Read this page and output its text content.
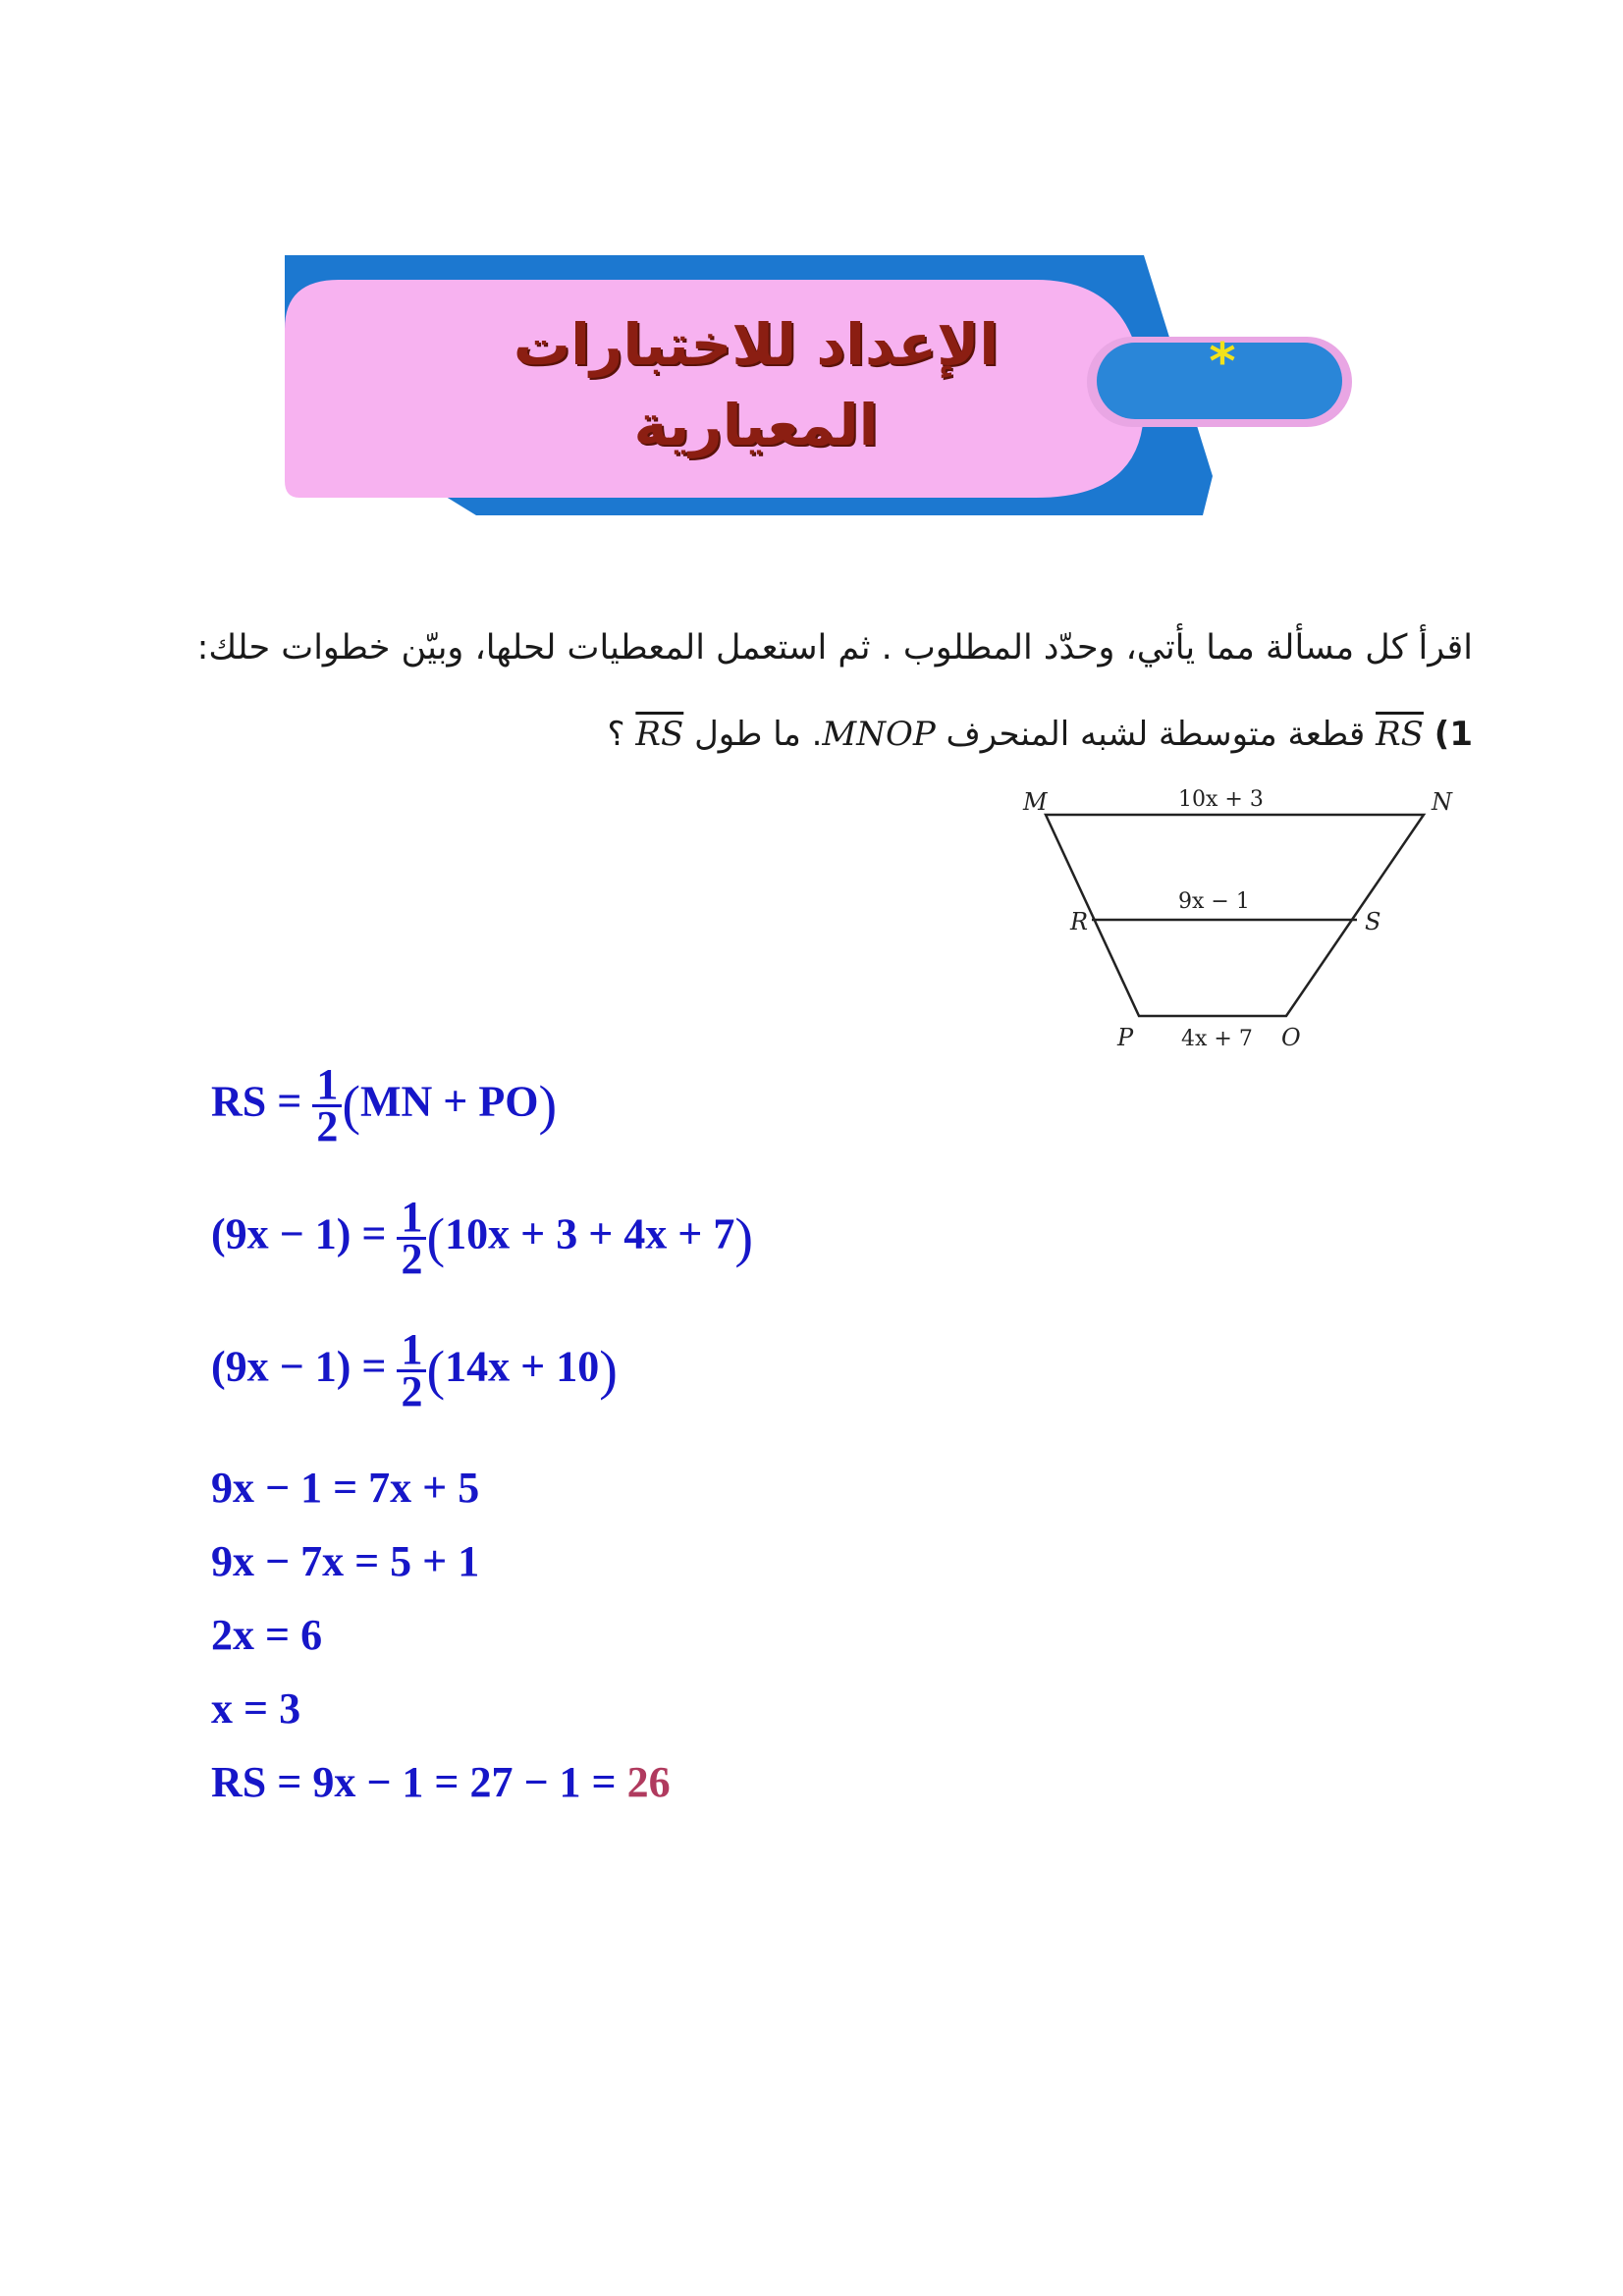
الإعداد للاختبارات
المعيارية
*
اقرأ كل مسألة مما يأتي، وحدّد المطلوب . ثم استعمل المعطيات لحلها، وبيّن خطوات حلك:
1) RS قطعة متوسطة لشبه المنحرف MNOP. ما طول RS ؟
M	N
R	S
P	O
10x + 3
9x − 1
4x + 7
RS = $\frac{1}{2} (MN + PO)$
$(9x - 1) = \frac{1}{2} (10x + 3 + 4x + 7)$
$(9x - 1) = \frac{1}{2} (14x + 10)$
9x − 1 = 7x + 5
9x − 7x = 5 + 1
2x = 6
x = 3
RS = 9x − 1 = 27 − 1 = 26
